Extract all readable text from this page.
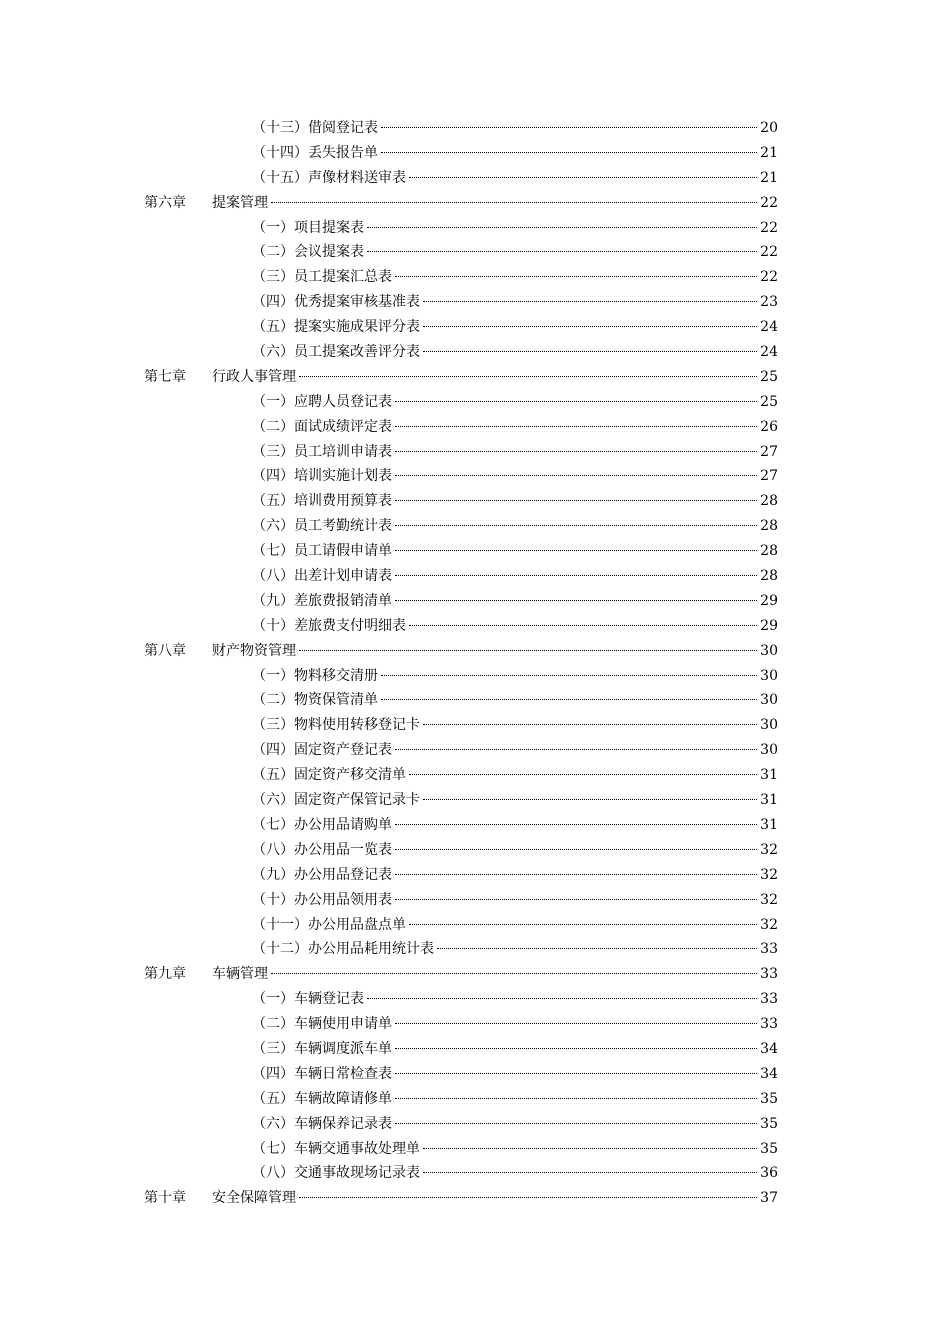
（十三）借阅登记表	20
（十四）丢失报告单	21
（十五）声像材料送审表	21
第六章 提案管理	22
（一）项目提案表	22
（二）会议提案表	22
（三）员工提案汇总表	22
（四）优秀提案审核基准表	23
（五）提案实施成果评分表	24
（六）员工提案改善评分表	24
第七章 行政人事管理	25
（一）应聘人员登记表	25
（二）面试成绩评定表	26
（三）员工培训申请表	27
（四）培训实施计划表	27
（五）培训费用预算表	28
（六）员工考勤统计表	28
（七）员工请假申请单	28
（八）出差计划申请表	28
（九）差旅费报销清单	29
（十）差旅费支付明细表	29
第八章 财产物资管理	30
（一）物料移交清册	30
（二）物资保管清单	30
（三）物料使用转移登记卡	30
（四）固定资产登记表	30
（五）固定资产移交清单	31
（六）固定资产保管记录卡	31
（七）办公用品请购单	31
（八）办公用品一览表	32
（九）办公用品登记表	32
（十）办公用品领用表	32
（十一）办公用品盘点单	32
（十二）办公用品耗用统计表	33
第九章 车辆管理	33
（一）车辆登记表	33
（二）车辆使用申请单	33
（三）车辆调度派车单	34
（四）车辆日常检查表	34
（五）车辆故障请修单	35
（六）车辆保养记录表	35
（七）车辆交通事故处理单	35
（八）交通事故现场记录表	36
第十章 安全保障管理	37
